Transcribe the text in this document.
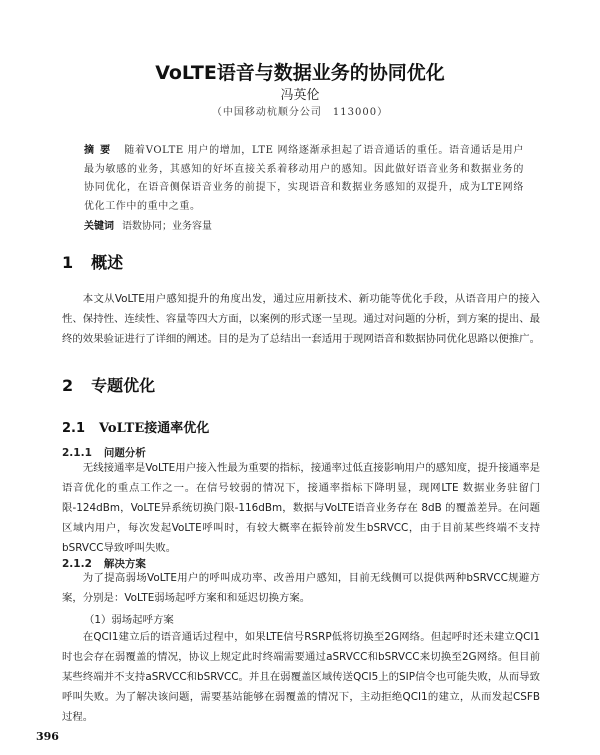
VoLTE语音与数据业务的协同优化
冯英伦
（中国移动杭顺分公司　113000）

摘要 随着VOLTE 用户的增加，LTE 网络逐渐承担起了语音通话的重任。语音通话是用户最为敏感的业务，其感知的好坏直接关系着移动用户的感知。因此做好语音业务和数据业务的协同优化，在语音侧保语音业务的前提下，实现语音和数据业务感知的双提升，成为LTE网络优化工作中的重中之重。

关键词 语数协同；业务容量

1 概述

本文从VoLTE用户感知提升的角度出发，通过应用新技术、新功能等优化手段，从语音用户的接入性、保持性、连续性、容量等四大方面，以案例的形式逐一呈现。通过对问题的分析，到方案的提出、最终的效果验证进行了详细的阐述。目的是为了总结出一套适用于现网语音和数据协同优化思路以便推广。

2 专题优化
2.1 VoLTE接通率优化
2.1.1 问题分析

无线接通率是VoLTE用户接入性最为重要的指标，接通率过低直接影响用户的感知度，提升接通率是语音优化的重点工作之一。在信号较弱的情况下，接通率指标下降明显，现网LTE 数据业务驻留门限-124dBm，VoLTE异系统切换门限-116dBm，数据与VoLTE语音业务存在 8dB 的覆盖差异。在问题区域内用户，每次发起VoLTE呼叫时，有较大概率在振铃前发生bSRVCC，由于目前某些终端不支持bSRVCC导致呼叫失败。

2.1.2 解决方案

为了提高弱场VoLTE用户的呼叫成功率、改善用户感知，目前无线侧可以提供两种bSRVCC规避方案，分别是：VoLTE弱场起呼方案和和延迟切换方案。

（1）弱场起呼方案

在QCI1建立后的语音通话过程中，如果LTE信号RSRP低将切换至2G网络。但起呼时还未建立QCI1时也会存在弱覆盖的情况，协议上规定此时终端需要通过aSRVCC和bSRVCC来切换至2G网络。但目前某些终端并不支持aSRVCC和bSRVCC。并且在弱覆盖区域传送QCI5上的SIP信令也可能失败，从而导致呼叫失败。为了解决该问题，需要基站能够在弱覆盖的情况下，主动拒绝QCI1的建立，从而发起CSFB过程。

396
